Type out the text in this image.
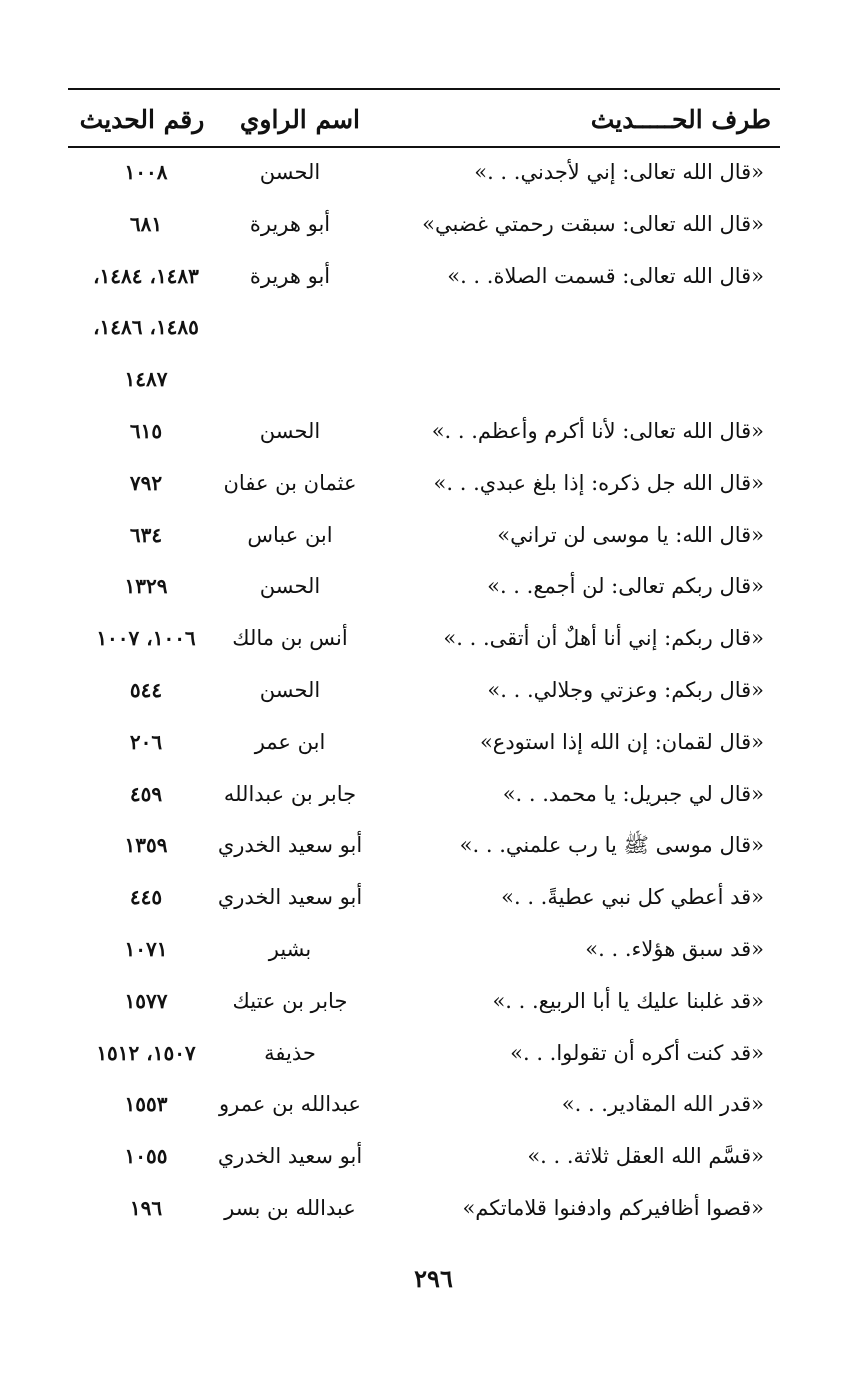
طرف الحـــــديث
اسم الراوي
رقم الحديث
«قال الله تعالى: إني لأجدني. . .»
الحسن
١٠٠٨
«قال الله تعالى: سبقت رحمتي غضبي»
أبو هريرة
٦٨١
«قال الله تعالى: قسمت الصلاة. . .»
أبو هريرة
١٤٨٣، ١٤٨٤،
١٤٨٥، ١٤٨٦،
١٤٨٧
«قال الله تعالى: لأنا أكرم وأعظم. . .»
الحسن
٦١٥
«قال الله جل ذكره: إذا بلغ عبدي. . .»
عثمان بن عفان
٧٩٢
«قال الله: يا موسى لن تراني»
ابن عباس
٦٣٤
«قال ربكم تعالى: لن أجمع. . .»
الحسن
١٣٢٩
«قال ربكم: إني أنا أهلٌ أن أتقى. . .»
أنس بن مالك
١٠٠٦، ١٠٠٧
«قال ربكم: وعزتي وجلالي. . .»
الحسن
٥٤٤
«قال لقمان: إن الله إذا استودع»
ابن عمر
٢٠٦
«قال لي جبريل: يا محمد. . .»
جابر بن عبدالله
٤٥٩
«قال موسى ﷺ يا رب علمني. . .»
أبو سعيد الخدري
١٣٥٩
«قد أعطي كل نبي عطيةً. . .»
أبو سعيد الخدري
٤٤٥
«قد سبق هؤلاء. . .»
بشير
١٠٧١
«قد غلبنا عليك يا أبا الربيع. . .»
جابر بن عتيك
١٥٧٧
«قد كنت أكره أن تقولوا. . .»
حذيفة
١٥٠٧، ١٥١٢
«قدر الله المقادير. . .»
عبدالله بن عمرو
١٥٥٣
«قسَّم الله العقل ثلاثة. . .»
أبو سعيد الخدري
١٠٥٥
«قصوا أظافيركم وادفنوا قلاماتكم»
عبدالله بن بسر
١٩٦
٢٩٦
